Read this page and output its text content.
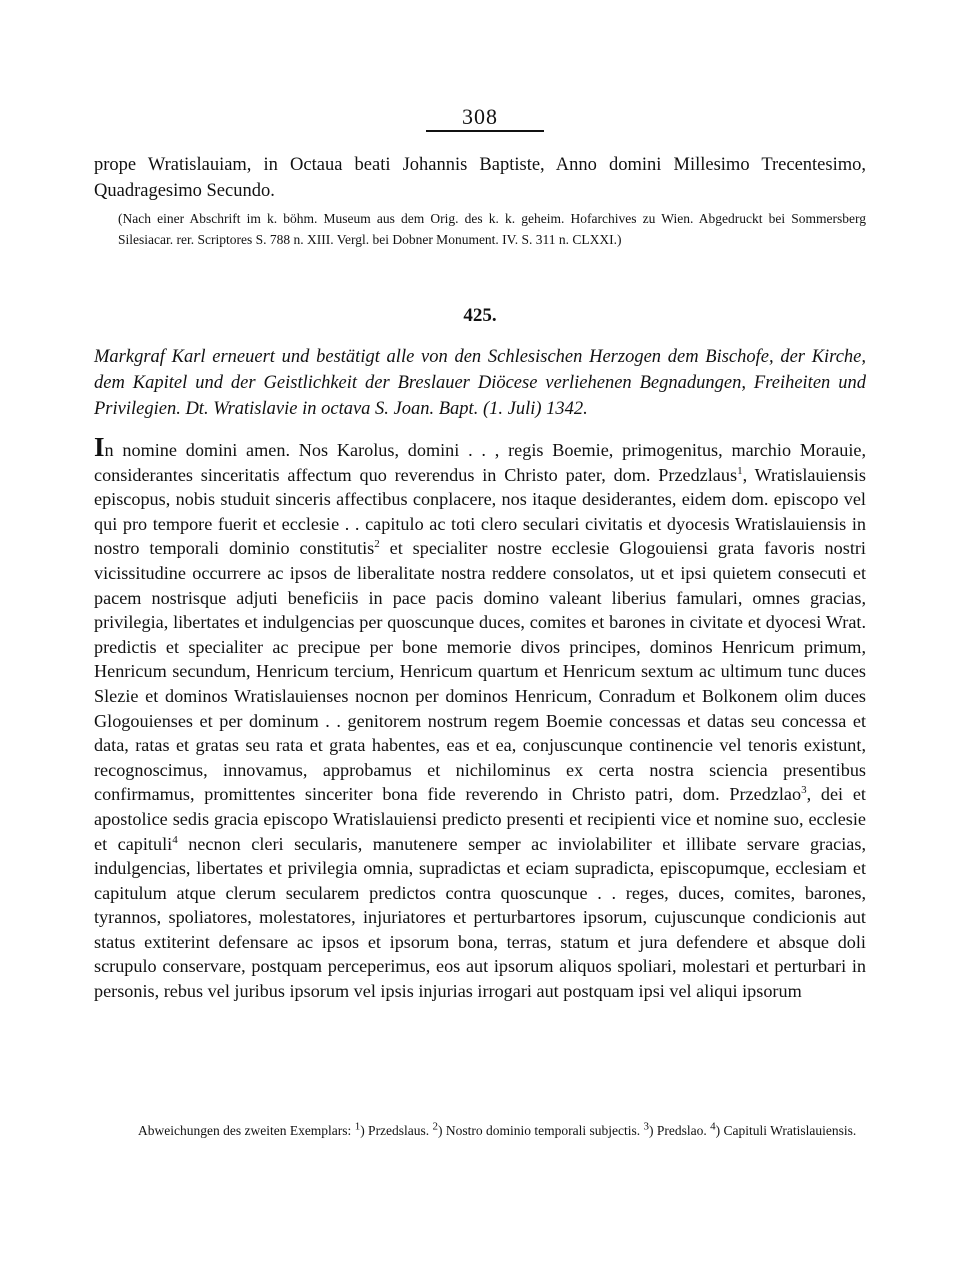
308
prope Wratislauiam, in Octaua beati Johannis Baptiste, Anno domini Millesimo Trecentesimo, Quadragesimo Secundo.
(Nach einer Abschrift im k. böhm. Museum aus dem Orig. des k. k. geheim. Hofarchives zu Wien. Abgedruckt bei Sommersberg Silesiacar. rer. Scriptores S. 788 n. XIII. Vergl. bei Dobner Monument. IV. S. 311 n. CLXXI.)
425.
Markgraf Karl erneuert und bestätigt alle von den Schlesischen Herzogen dem Bischofe, der Kirche, dem Kapitel und der Geistlichkeit der Breslauer Diöcese verliehenen Begnadungen, Freiheiten und Privilegien. Dt. Wratislavie in octava S. Joan. Bapt. (1. Juli) 1342.
In nomine domini amen. Nos Karolus, domini . . , regis Boemie, primogenitus, marchio Morauie, considerantes sinceritatis affectum quo reverendus in Christo pater, dom. Przedzlaus$^1$, Wratislauiensis episcopus, nobis studuit sinceris affectibus conplacere, nos itaque desiderantes, eidem dom. episcopo vel qui pro tempore fuerit et ecclesie . . capitulo ac toti clero seculari civitatis et dyocesis Wratislauiensis in nostro temporali dominio constitutis$^2$ et specialiter nostre ecclesie Glogouiensi grata favoris nostri vicissitudine occurrere ac ipsos de liberalitate nostra reddere consolatos, ut et ipsi quietem consecuti et pacem nostrisque adjuti beneficiis in pace pacis domino valeant liberius famulari, omnes gracias, privilegia, libertates et indulgencias per quoscunque duces, comites et barones in civitate et dyocesi Wrat. predictis et specialiter ac precipue per bone memorie divos principes, dominos Henricum primum, Henricum secundum, Henricum tercium, Henricum quartum et Henricum sextum ac ultimum tunc duces Slezie et dominos Wratislauienses nocnon per dominos Henricum, Conradum et Bolkonem olim duces Glogouienses et per dominum . . genitorem nostrum regem Boemie concessas et datas seu concessa et data, ratas et gratas seu rata et grata habentes, eas et ea, conjuscunque continencie vel tenoris existunt, recognoscimus, innovamus, approbamus et nichilominus ex certa nostra sciencia presentibus confirmamus, promittentes sinceriter bona fide reverendo in Christo patri, dom. Przedzlao$^3$, dei et apostolice sedis gracia episcopo Wratislauiensi predicto presenti et recipienti vice et nomine suo, ecclesie et capituli$^4$ necnon cleri secularis, manutenere semper ac inviolabiliter et illibate servare gracias, indulgencias, libertates et privilegia omnia, supradictas et eciam supradicta, episcopumque, ecclesiam et capitulum atque clerum secularem predictos contra quoscunque . . reges, duces, comites, barones, tyrannos, spoliatores, molestatores, injuriatores et perturbartores ipsorum, cujuscunque condicionis aut status extiterint defensare ac ipsos et ipsorum bona, terras, statum et jura defendere et absque doli scrupulo conservare, postquam perceperimus, eos aut ipsorum aliquos spoliari, molestari et perturbari in personis, rebus vel juribus ipsorum vel ipsis injurias irrogari aut postquam ipsi vel aliqui ipsorum
Abweichungen des zweiten Exemplars: $^1$) Przedslaus. $^2$) Nostro dominio temporali subjectis. $^3$) Predslao. $^4$) Capituli Wratislauiensis.
